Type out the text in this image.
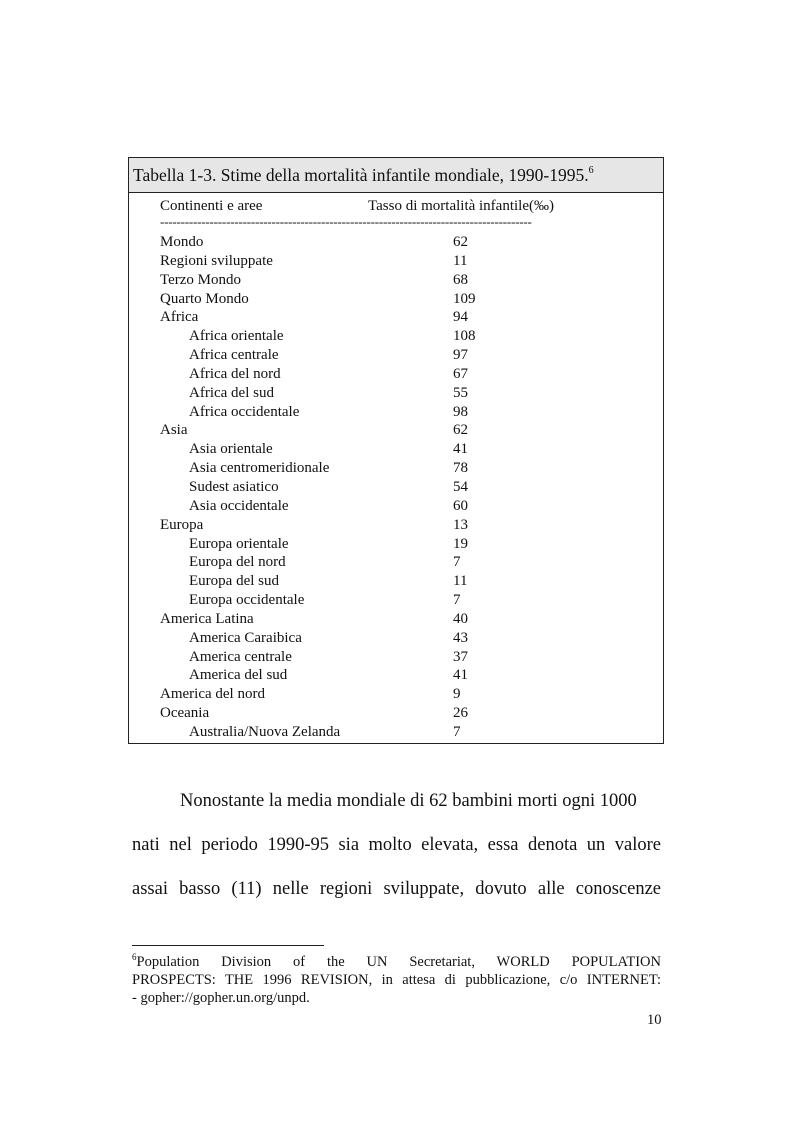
Tabella 1-3. Stime della mortalità infantile mondiale, 1990-1995.$^6$
Continenti e aree	Tasso di mortalità infantile(‰)
------------------------------------------------------------------------------------------
Mondo	62
Regioni sviluppate	11
Terzo Mondo	68
Quarto Mondo	109
Africa	94
Africa orientale	108
Africa centrale	97
Africa del nord	67
Africa del sud	55
Africa occidentale	98
Asia	62
Asia orientale	41
Asia centromeridionale	78
Sudest asiatico	54
Asia occidentale	60
Europa	13
Europa orientale	19
Europa del nord	7
Europa del sud	11
Europa occidentale	7
America Latina	40
America Caraibica	43
America centrale	37
America del sud	41
America del nord	9
Oceania	26
Australia/Nuova Zelanda	7
Nonostante la media mondiale di 62 bambini morti ogni 1000
nati nel periodo 1990-95 sia molto elevata, essa denota un valore
assai basso (11) nelle regioni sviluppate, dovuto alle conoscenze
$^6$Population Division of the UN Secretariat, WORLD POPULATION
PROSPECTS: THE 1996 REVISION, in attesa di pubblicazione, c/o INTERNET:
- gopher://gopher.un.org/unpd.
10
